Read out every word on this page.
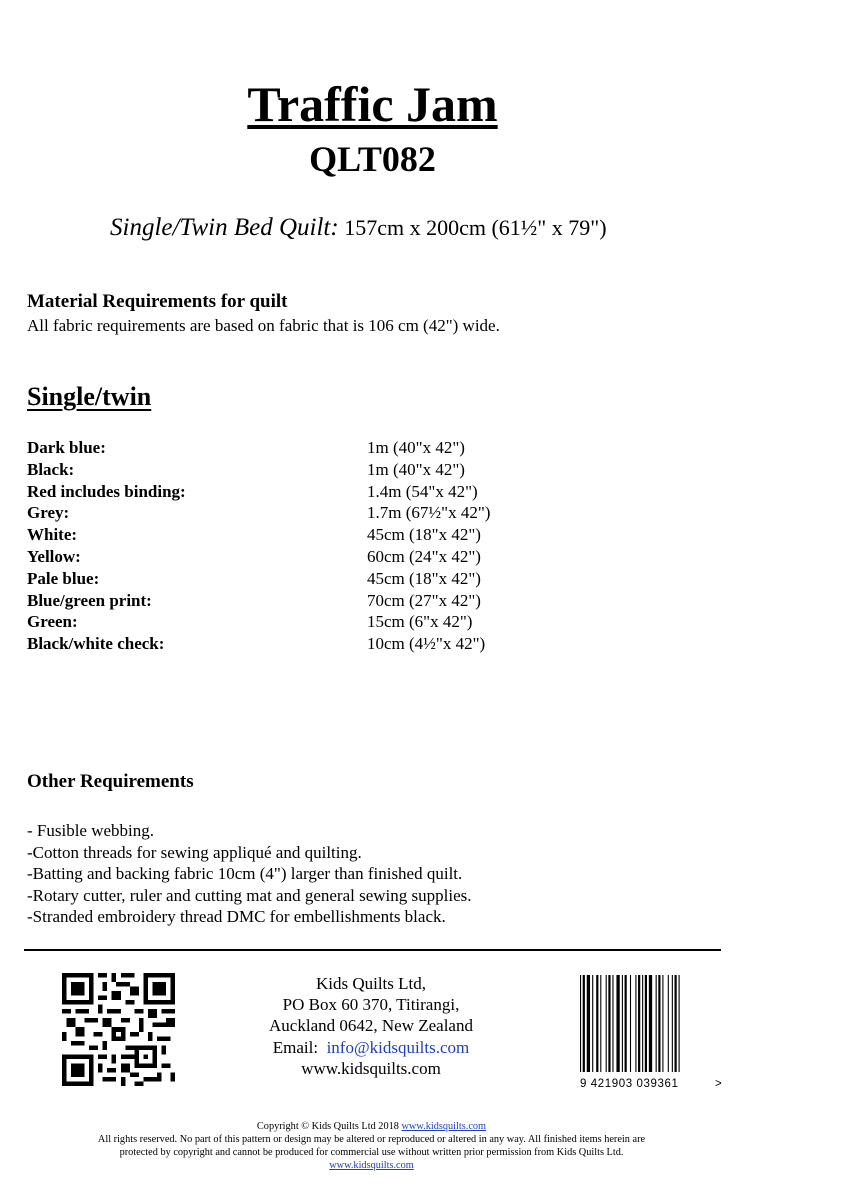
Traffic Jam
QLT082
Single/Twin Bed Quilt: 157cm x 200cm (61½" x 79")
Material Requirements for quilt
All fabric requirements are based on fabric that is 106 cm (42") wide.
Single/twin
Dark blue:	1m (40"x 42")
Black:	1m (40"x 42")
Red includes binding:	1.4m (54"x 42")
Grey:	1.7m (67½"x 42")
White:	45cm (18"x 42")
Yellow:	60cm (24"x 42")
Pale blue:	45cm (18"x 42")
Blue/green print:	70cm (27"x 42")
Green:	15cm (6"x 42")
Black/white check:	10cm (4½"x 42")
Other Requirements
- Fusible webbing.
-Cotton threads for sewing appliqué and quilting.
-Batting and backing fabric 10cm (4") larger than finished quilt.
-Rotary cutter, ruler and cutting mat and general sewing supplies.
-Stranded embroidery thread DMC for embellishments black.
Kids Quilts Ltd,
PO Box 60 370, Titirangi,
Auckland 0642, New Zealand
Email: info@kidsquilts.com
www.kidsquilts.com
9 421903 039361	>
Copyright © Kids Quilts Ltd 2018 www.kidsquilts.com
All rights reserved. No part of this pattern or design may be altered or reproduced or altered in any way. All finished items herein are
protected by copyright and cannot be produced for commercial use without written prior permission from Kids Quilts Ltd.
www.kidsquilts.com
